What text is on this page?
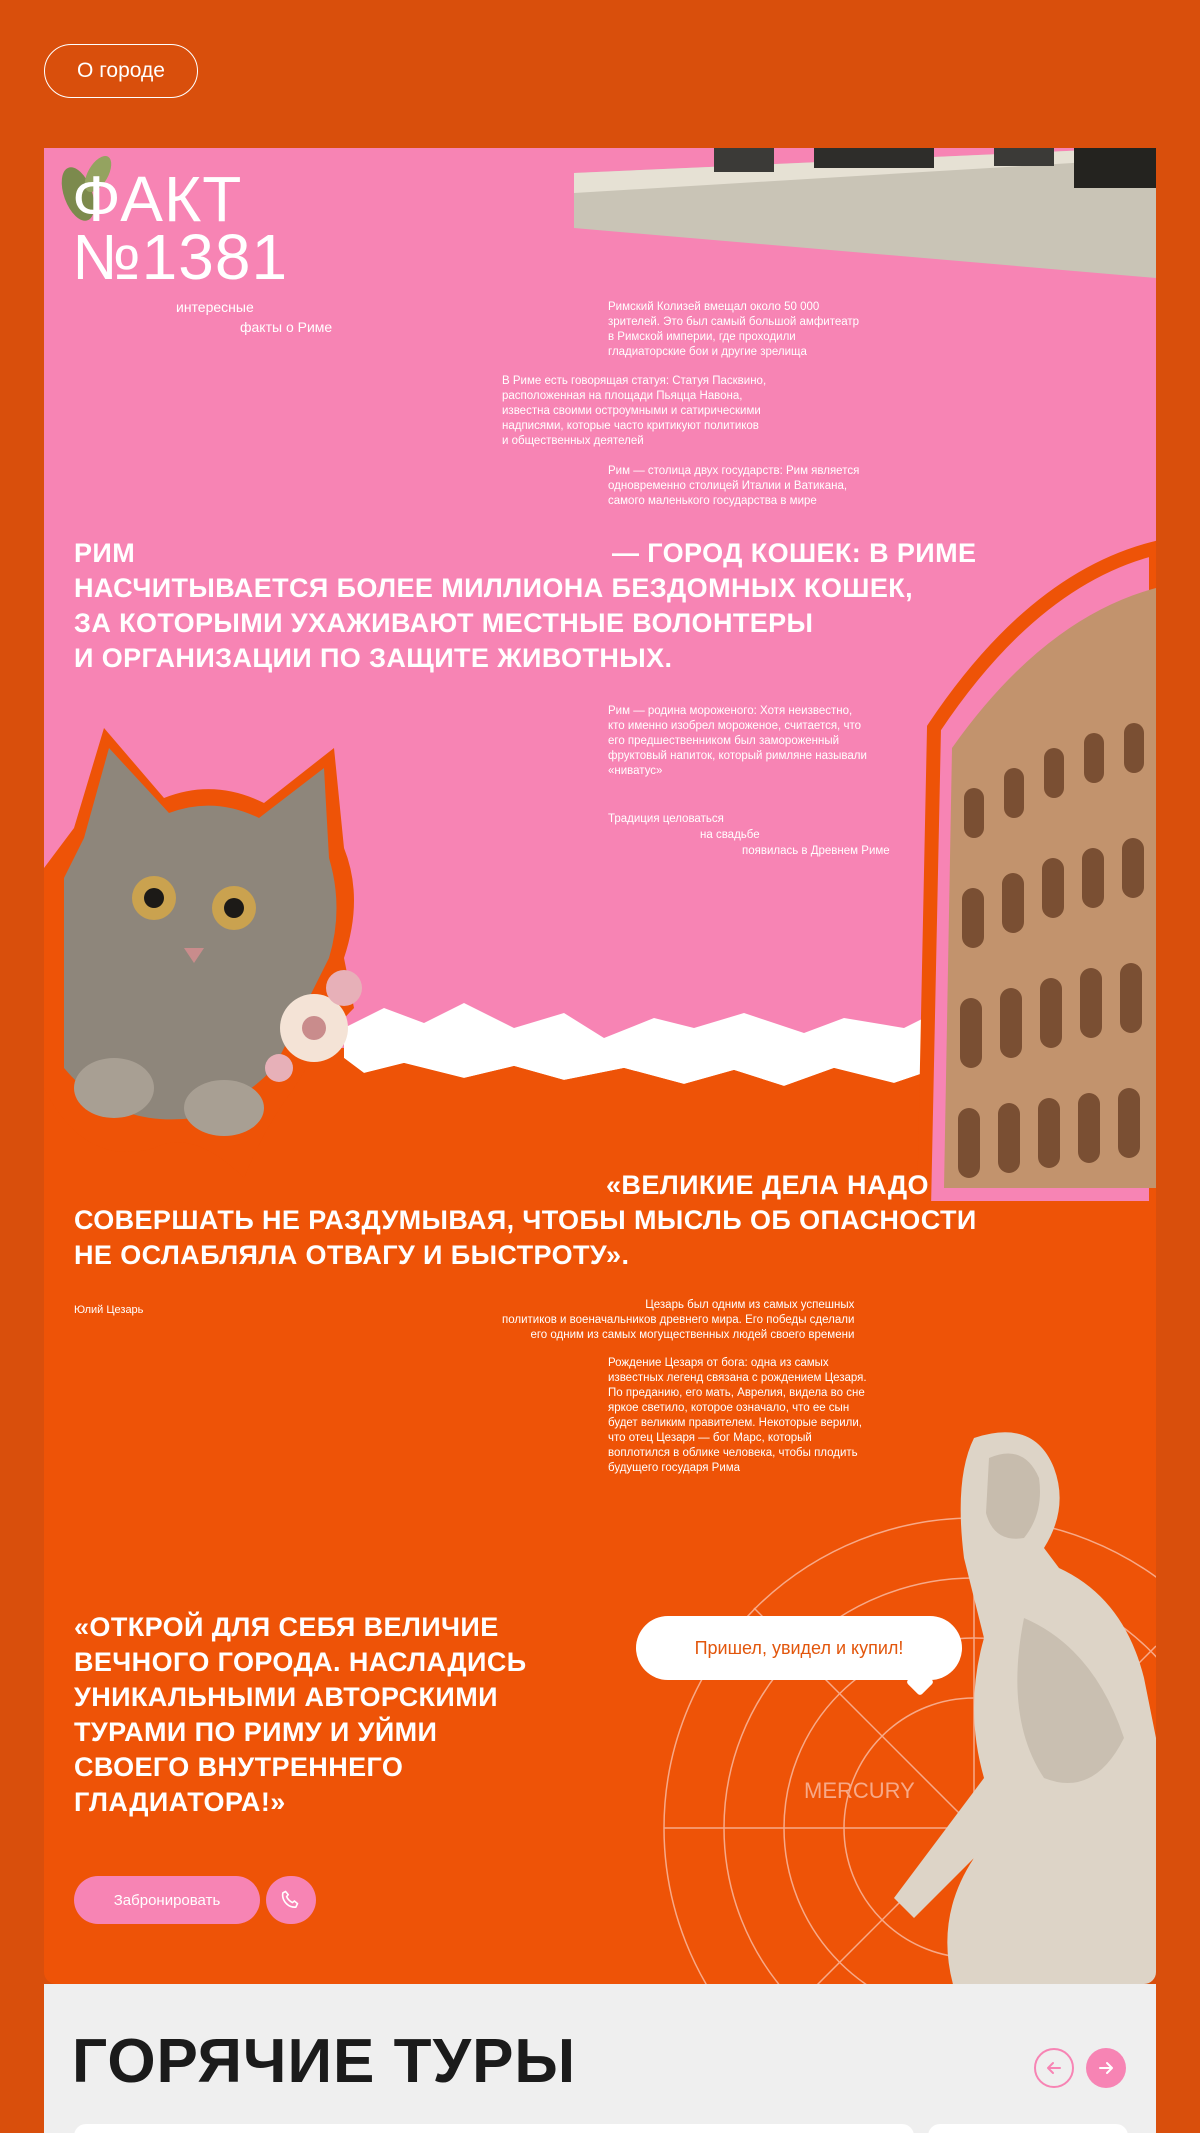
О городе
MERCURY
ФАКТ
№1381
интересные
факты о Риме
Римский Колизей вмещал около 50 000
зрителей. Это был самый большой амфитеатр
в Римской империи, где проходили
гладиаторские бои и другие зрелища
В Риме есть говорящая статуя: Статуя Пасквино,
расположенная на площади Пьяцца Навона,
известна своими остроумными и сатирическими
надписями, которые часто критикуют политиков
и общественных деятелей
Рим — столица двух государств: Рим является
одновременно столицей Италии и Ватикана,
самого маленького государства в мире
РИМ	— ГОРОД КОШЕК: В РИМЕ
НАСЧИТЫВАЕТСЯ БОЛЕЕ МИЛЛИОНА БЕЗДОМНЫХ КОШЕК,
ЗА КОТОРЫМИ УХАЖИВАЮТ МЕСТНЫЕ ВОЛОНТЕРЫ
И ОРГАНИЗАЦИИ ПО ЗАЩИТЕ ЖИВОТНЫХ.
Рим — родина мороженого: Хотя неизвестно,
кто именно изобрел мороженое, считается, что
его предшественником был замороженный
фруктовый напиток, который римляне называли
«ниватус»
Традиция целоваться
на свадьбе
появилась в Древнем Риме
«ВЕЛИКИЕ ДЕЛА НАДО
СОВЕРШАТЬ НЕ РАЗДУМЫВАЯ, ЧТОБЫ МЫСЛЬ ОБ ОПАСНОСТИ
НЕ ОСЛАБЛЯЛА ОТВАГУ И БЫСТРОТУ».
Юлий Цезарь	Цезарь был одним из самых успешных
политиков и военачальников древнего мира. Его победы сделали
его одним из самых могущественных людей своего времени
Рождение Цезаря от бога: одна из самых
известных легенд связана с рождением Цезаря.
По преданию, его мать, Аврелия, видела во сне
яркое светило, которое означало, что ее сын
будет великим правителем. Некоторые верили,
что отец Цезаря — бог Марс, который
воплотился в облике человека, чтобы плодить
будущего государя Рима
«ОТКРОЙ ДЛЯ СЕБЯ ВЕЛИЧИЕ
ВЕЧНОГО ГОРОДА. НАСЛАДИСЬ
УНИКАЛЬНЫМИ АВТОРСКИМИ
ТУРАМИ ПО РИМУ И УЙМИ
СВОЕГО ВНУТРЕННЕГО
ГЛАДИАТОРА!»
Пришел, увидел и купил!
Забронировать
ГОРЯЧИЕ ТУРЫ
